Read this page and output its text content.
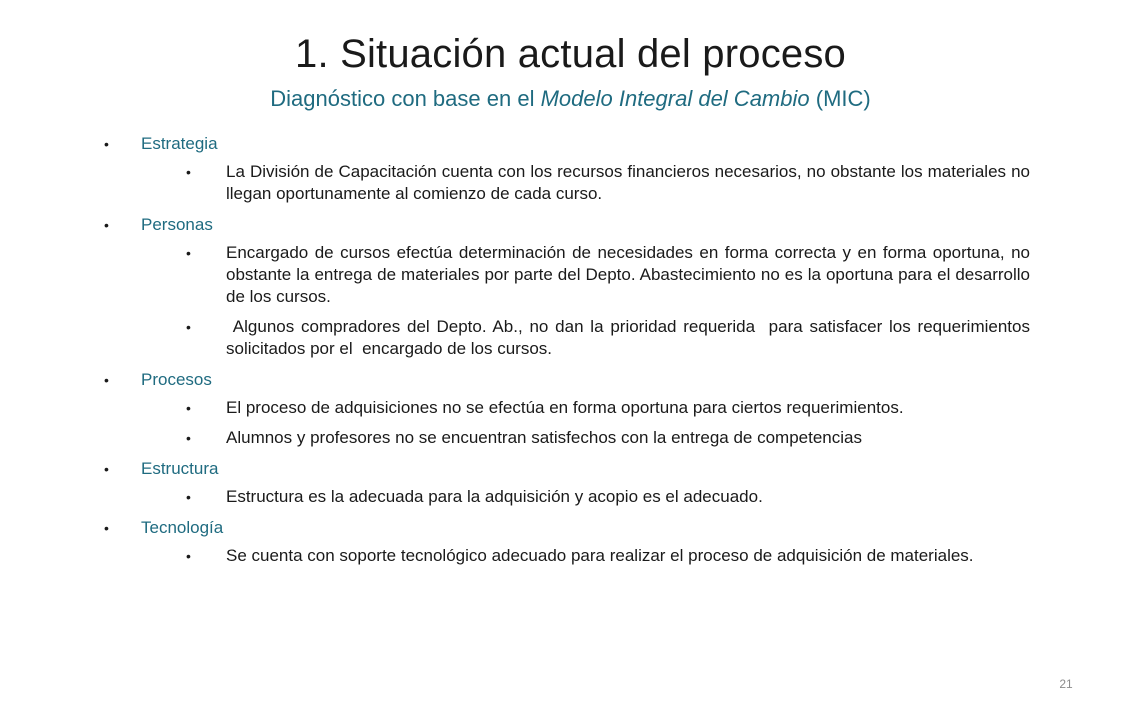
1. Situación actual del proceso
Diagnóstico con base en el Modelo Integral del Cambio (MIC)
• Estrategia
• La División de Capacitación cuenta con los recursos financieros necesarios, no obstante los materiales no llegan oportunamente al comienzo de cada curso.
• Personas
• Encargado de cursos efectúa determinación de necesidades en forma correcta y en forma oportuna, no obstante la entrega de materiales por parte del Depto. Abastecimiento no es la oportuna para el desarrollo de los cursos.
• Algunos compradores del Depto. Ab., no dan la prioridad requerida  para satisfacer los requerimientos solicitados por el  encargado de los cursos.
• Procesos
• El proceso de adquisiciones no se efectúa en forma oportuna para ciertos requerimientos.
• Alumnos y profesores no se encuentran satisfechos con la entrega de competencias
• Estructura
• Estructura es la adecuada para la adquisición y acopio es el adecuado.
• Tecnología
• Se cuenta con soporte tecnológico adecuado para realizar el proceso de adquisición de materiales.
21
